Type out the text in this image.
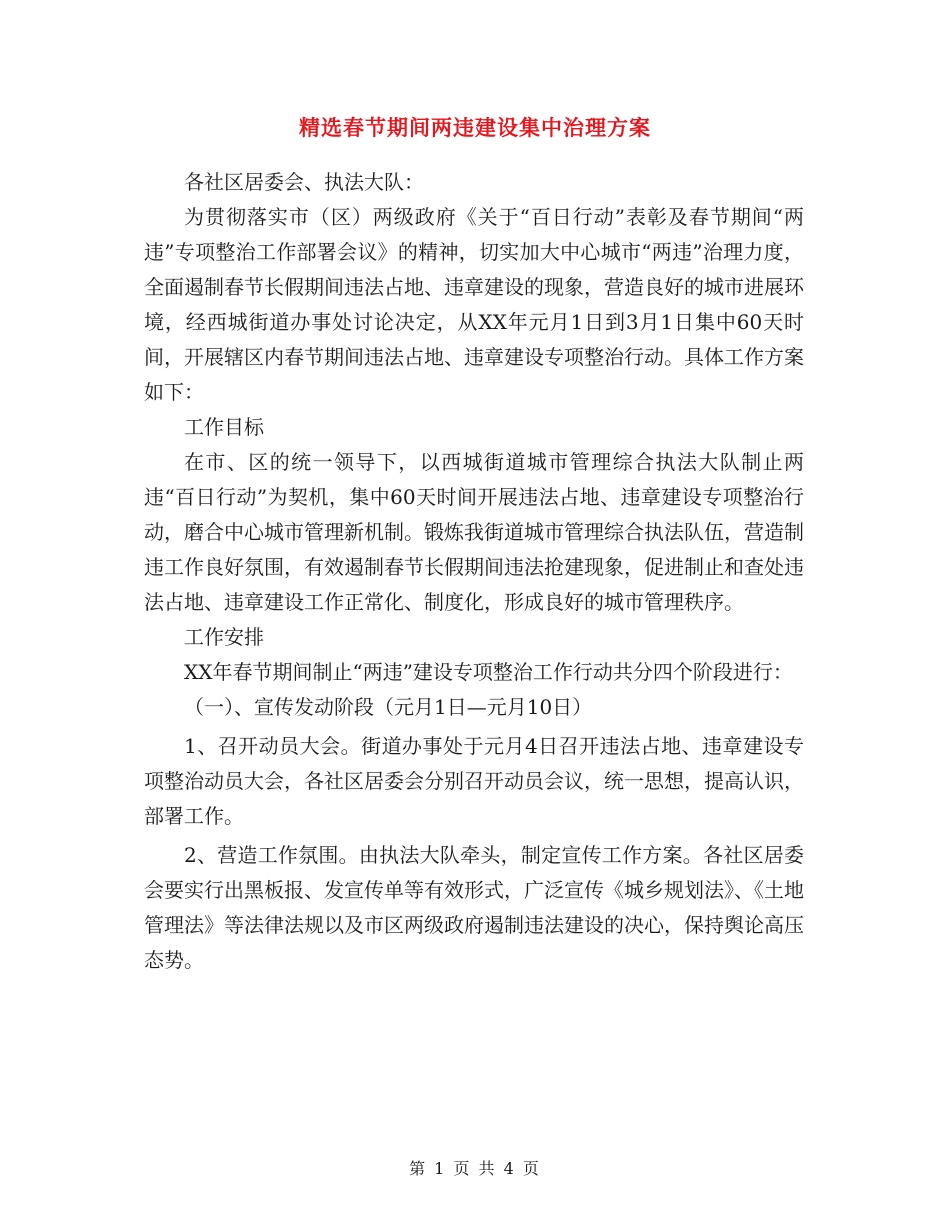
精选春节期间两违建设集中治理方案

各社区居委会、执法大队：

为贯彻落实市（区）两级政府《关于“百日行动”表彰及春节期间“两违”专项整治工作部署会议》的精神，切实加大中心城市“两违”治理力度，全面遏制春节长假期间违法占地、违章建设的现象，营造良好的城市进展环境，经西城街道办事处讨论决定，从XX年元月1日到3月1日集中60天时间，开展辖区内春节期间违法占地、违章建设专项整治行动。具体工作方案如下：

工作目标

在市、区的统一领导下，以西城街道城市管理综合执法大队制止两违“百日行动”为契机，集中60天时间开展违法占地、违章建设专项整治行动，磨合中心城市管理新机制。锻炼我街道城市管理综合执法队伍，营造制违工作良好氛围，有效遏制春节长假期间违法抢建现象，促进制止和查处违法占地、违章建设工作正常化、制度化，形成良好的城市管理秩序。

工作安排

XX年春节期间制止“两违”建设专项整治工作行动共分四个阶段进行：

（一）、宣传发动阶段（元月1日—元月10日）

1、召开动员大会。街道办事处于元月4日召开违法占地、违章建设专项整治动员大会，各社区居委会分别召开动员会议，统一思想，提高认识，部署工作。

2、营造工作氛围。由执法大队牵头，制定宣传工作方案。各社区居委会要实行出黑板报、发宣传单等有效形式，广泛宣传《城乡规划法》、《土地管理法》等法律法规以及市区两级政府遏制违法建设的决心，保持舆论高压态势。

第 1 页 共 4 页
